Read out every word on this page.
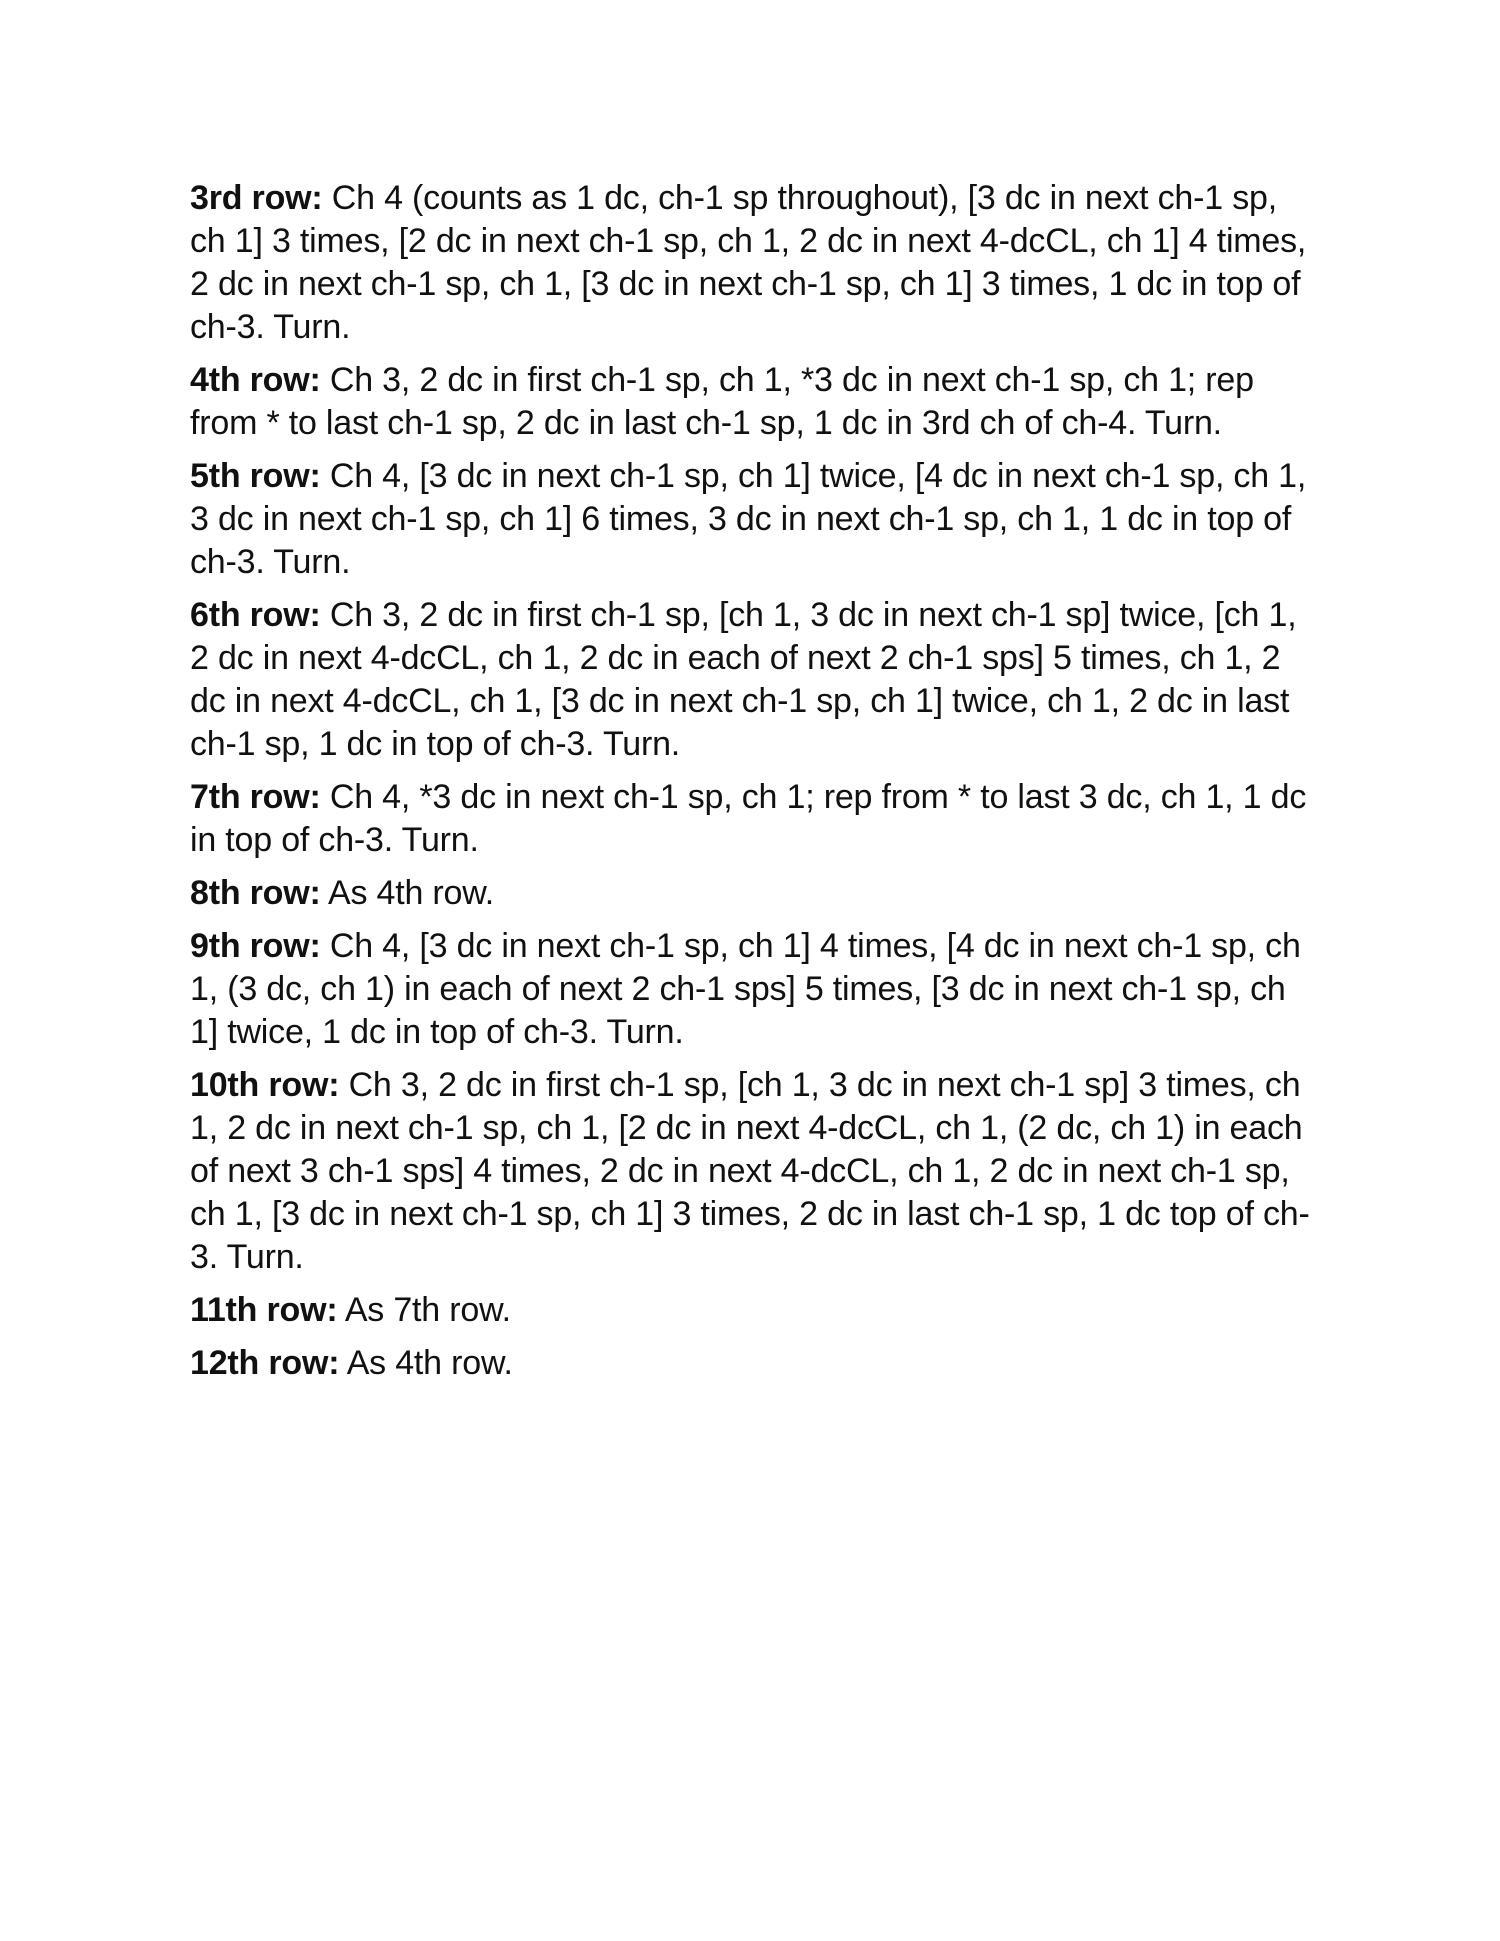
3rd row: Ch 4 (counts as 1 dc, ch-1 sp throughout), [3 dc in next ch-1 sp, ch 1] 3 times, [2 dc in next ch-1 sp, ch 1, 2 dc in next 4-dcCL, ch 1] 4 times, 2 dc in next ch-1 sp, ch 1, [3 dc in next ch-1 sp, ch 1] 3 times, 1 dc in top of ch-3. Turn.

4th row: Ch 3, 2 dc in first ch-1 sp, ch 1, *3 dc in next ch-1 sp, ch 1; rep from * to last ch-1 sp, 2 dc in last ch-1 sp, 1 dc in 3rd ch of ch-4. Turn.

5th row: Ch 4, [3 dc in next ch-1 sp, ch 1] twice, [4 dc in next ch-1 sp, ch 1, 3 dc in next ch-1 sp, ch 1] 6 times, 3 dc in next ch-1 sp, ch 1, 1 dc in top of ch-3. Turn.

6th row: Ch 3, 2 dc in first ch-1 sp, [ch 1, 3 dc in next ch-1 sp] twice, [ch 1, 2 dc in next 4-dcCL, ch 1, 2 dc in each of next 2 ch-1 sps] 5 times, ch 1, 2 dc in next 4-dcCL, ch 1, [3 dc in next ch-1 sp, ch 1] twice, ch 1, 2 dc in last ch-1 sp, 1 dc in top of ch-3. Turn.

7th row: Ch 4, *3 dc in next ch-1 sp, ch 1; rep from * to last 3 dc, ch 1, 1 dc in top of ch-3. Turn.

8th row: As 4th row.

9th row: Ch 4, [3 dc in next ch-1 sp, ch 1] 4 times, [4 dc in next ch-1 sp, ch 1, (3 dc, ch 1) in each of next 2 ch-1 sps] 5 times, [3 dc in next ch-1 sp, ch 1] twice, 1 dc in top of ch-3. Turn.

10th row: Ch 3, 2 dc in first ch-1 sp, [ch 1, 3 dc in next ch-1 sp] 3 times, ch 1, 2 dc in next ch-1 sp, ch 1, [2 dc in next 4-dcCL, ch 1, (2 dc, ch 1) in each of next 3 ch-1 sps] 4 times, 2 dc in next 4-dcCL, ch 1, 2 dc in next ch-1 sp, ch 1, [3 dc in next ch-1 sp, ch 1] 3 times, 2 dc in last ch-1 sp, 1 dc top of ch-3. Turn.

11th row: As 7th row.

12th row: As 4th row.
